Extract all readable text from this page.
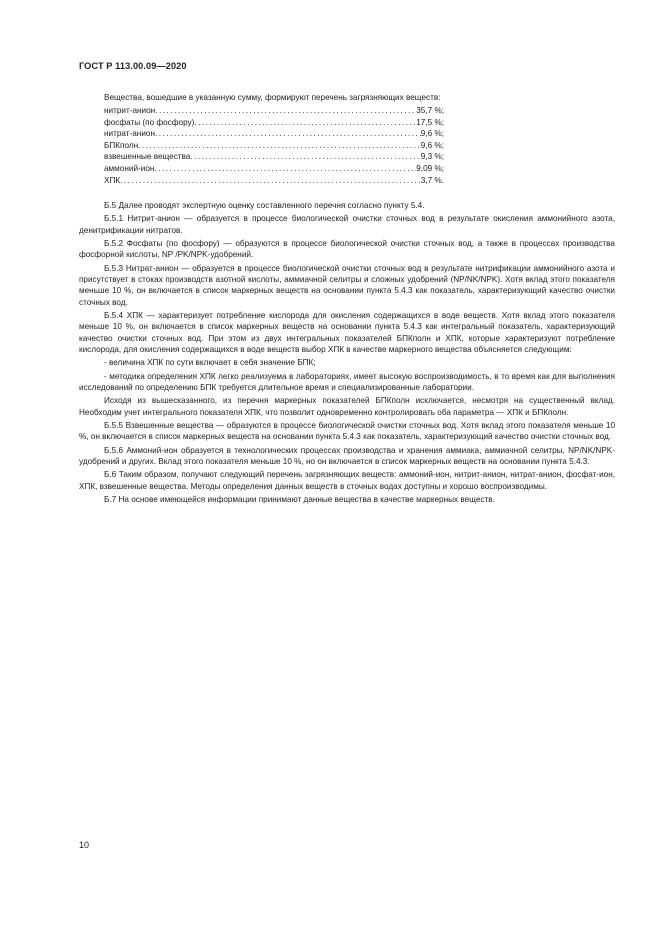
ГОСТ Р 113.00.09—2020
Вещества, вошедшие в указанную сумму, формируют перечень загрязняющих веществ:
нитрит-анион .....	35,7 %;
фосфаты (по фосфору) .....	17,5 %;
нитрат-анион .....	9,6 %;
БПКполн .....	9,6 %;
взвешенные вещества .....	9,3 %;
аммоний-ион .....	9,09 %;
ХПК .....	3,7 %.

Б.5 Далее проводят экспертную оценку составленного перечня согласно пункту 5.4.

Б.5.1 Нитрит-анион — образуется в процессе биологической очистки сточных вод в результате окисления аммонийного азота, денитрификации нитратов.

Б.5.2 Фосфаты (по фосфору) — образуются в процессе биологической очистки сточных вод, а также в процессах производства фосфорной кислоты, NP /PK/NPK-удобрений.

Б.5.3 Нитрат-анион — образуется в процессе биологической очистки сточных вод в результате нитрификации аммонийного азота и присутствует в стоках производств азотной кислоты, аммиачной селитры и сложных удобрений (NP/NK/NPK). Хотя вклад этого показателя меньше 10 %, он включается в список маркерных веществ на основании пункта 5.4.3 как показатель, характеризующий качество очистки сточных вод.

Б.5.4 ХПК — характеризует потребление кислорода для окисления содержащихся в воде веществ. Хотя вклад этого показателя меньше 10 %, он включается в список маркерных веществ на основании пункта 5.4.3 как интегральный показатель, характеризующий качество очистки сточных вод. При этом из двух интегральных показателей БПКполн и ХПК, которые характеризуют потребление кислорода, для окисления содержащихся в воде веществ выбор ХПК в качестве маркерного вещества объясняется следующим:

- величина ХПК по сути включает в себя значение БПК;

- методика определения ХПК легко реализуема в лабораториях, имеет высокую воспроизводимость, в то время как для выполнения исследований по определению БПК требуется длительное время и специализированные лаборатории.

Исходя из вышесказанного, из перечня маркерных показателей БПКполн исключается, несмотря на существенный вклад. Необходим учет интегрального показателя ХПК, что позволит одновременно контролировать оба параметра — ХПК и БПКполн.

Б.5.5 Взвешенные вещества — образуются в процессе биологической очистки сточных вод. Хотя вклад этого показателя меньше 10 %, он включается в список маркерных веществ на основании пункта 5.4.3 как показатель, характеризующий качество очистки сточных вод.

Б.5.6 Аммоний-ион образуется в технологических процессах производства и хранения аммиака, аммиачной селитры, NP/NK/NPK-удобрений и других. Вклад этого показателя меньше 10 %, но он включается в список маркерных веществ на основании пункта 5.4.3.

Б.6 Таким образом, получают следующий перечень загрязняющих веществ: аммоний-ион, нитрит-анион, нитрат-анион, фосфат-ион, ХПК, взвешенные вещества. Методы определения данных веществ в сточных водах доступны и хорошо воспроизводимы.

Б.7 На основе имеющейся информации принимают данные вещества в качестве маркерных веществ.

10
